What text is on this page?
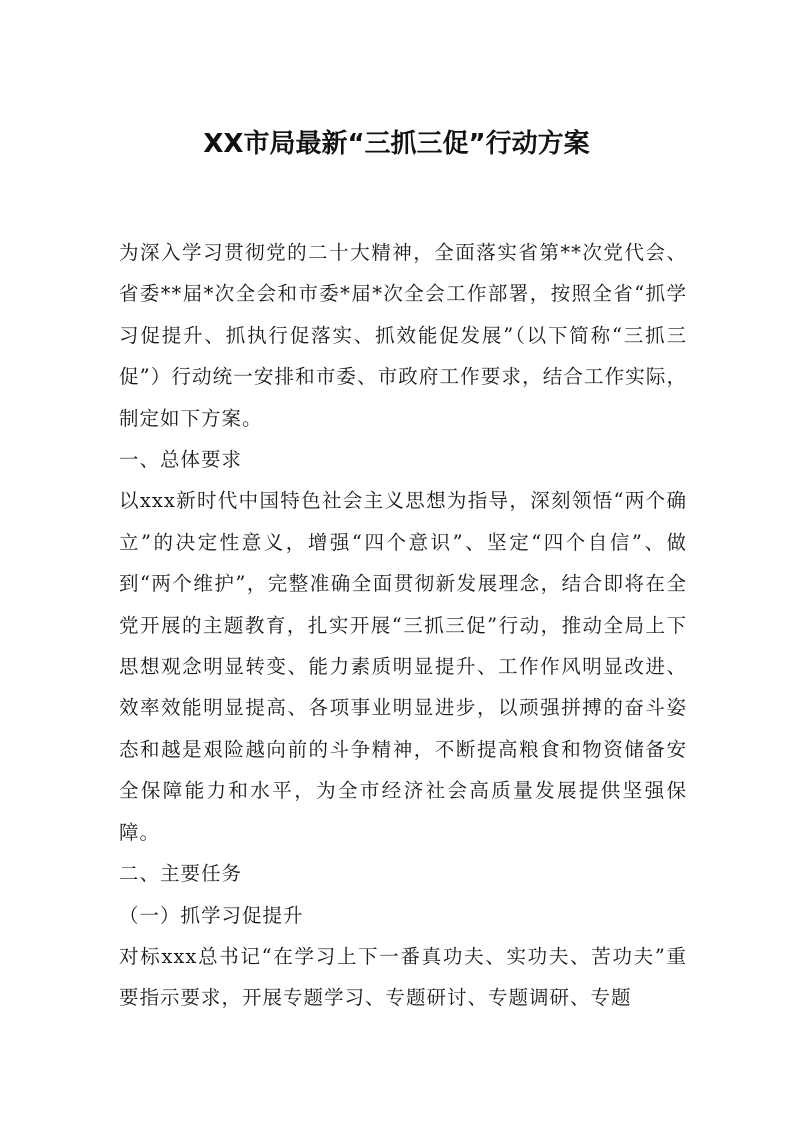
XX市局最新“三抓三促”行动方案

为深入学习贯彻党的二十大精神，全面落实省第**次党代会、省委**届*次全会和市委*届*次全会工作部署，按照全省“抓学习促提升、抓执行促落实、抓效能促发展”（以下简称“三抓三促”）行动统一安排和市委、市政府工作要求，结合工作实际，制定如下方案。

一、总体要求

以xxx新时代中国特色社会主义思想为指导，深刻领悟“两个确立”的决定性意义，增强“四个意识”、坚定“四个自信”、做到“两个维护”，完整准确全面贯彻新发展理念，结合即将在全党开展的主题教育，扎实开展“三抓三促”行动，推动全局上下思想观念明显转变、能力素质明显提升、工作作风明显改进、效率效能明显提高、各项事业明显进步，以顽强拼搏的奋斗姿态和越是艰险越向前的斗争精神，不断提高粮食和物资储备安全保障能力和水平，为全市经济社会高质量发展提供坚强保障。

二、主要任务

（一）抓学习促提升

对标xxx总书记“在学习上下一番真功夫、实功夫、苦功夫”重要指示要求，开展专题学习、专题研讨、专题调研、专题
